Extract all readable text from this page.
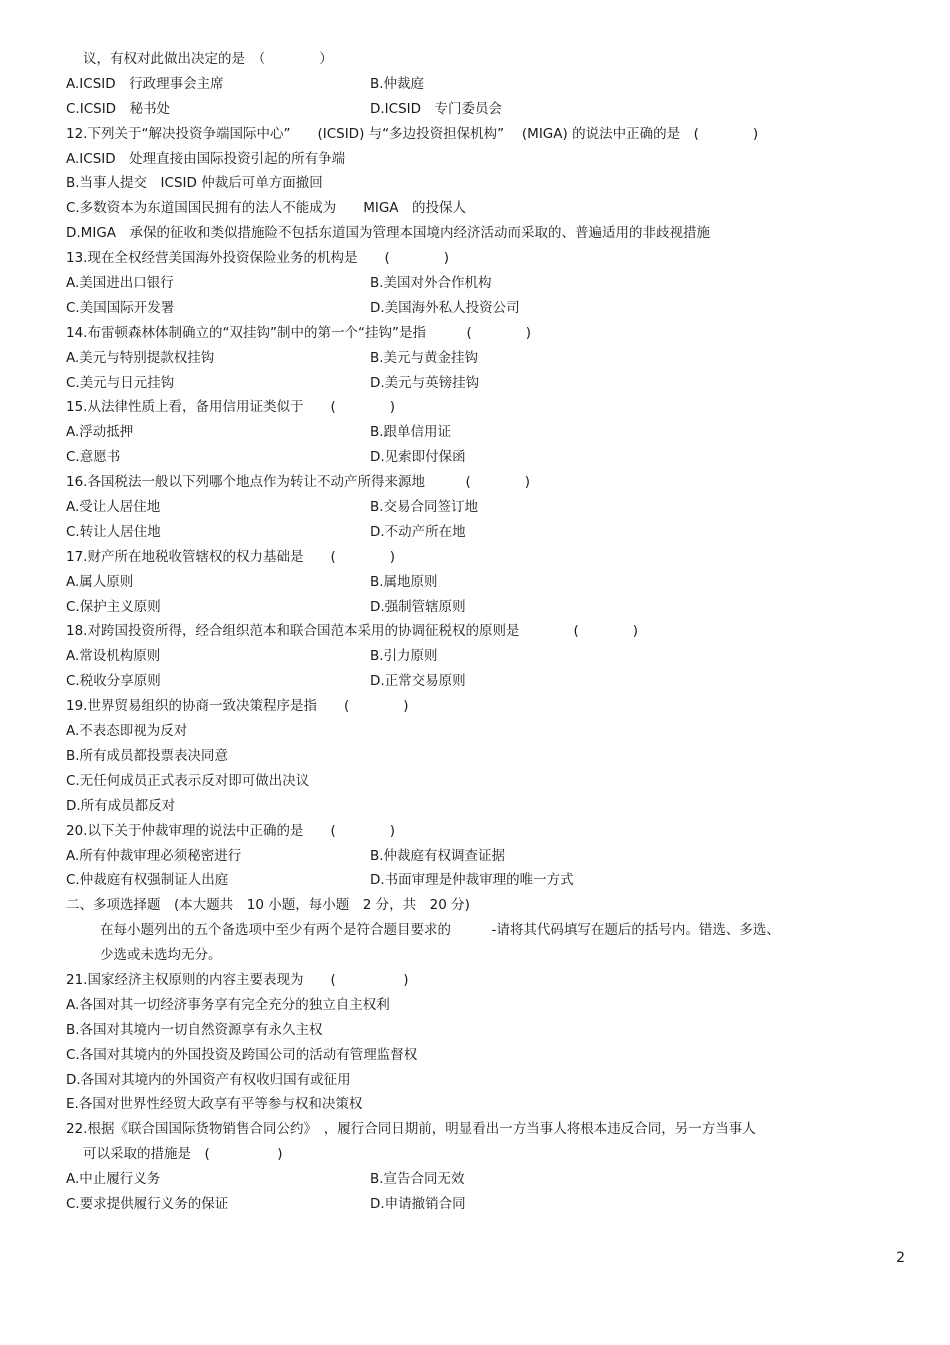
议，有权对此做出决定的是　（　　　　）
A.ICSID　行政理事会主席	B.仲裁庭
C.ICSID　秘书处	D.ICSID　专门委员会
12.下列关于“解决投资争端国际中心”　　(ICSID) 与“多边投资担保机构”　 (MIGA) 的说法中正确的是　(　　　　)
A.ICSID　处理直接由国际投资引起的所有争端
B.当事人提交　ICSID 仲裁后可单方面撤回
C.多数资本为东道国国民拥有的法人不能成为　　MIGA　的投保人
D.MIGA　承保的征收和类似措施险不包括东道国为管理本国境内经济活动而采取的、普遍适用的非歧视措施
13.现在全权经营美国海外投资保险业务的机构是　　(　　　　)
A.美国进出口银行	B.美国对外合作机构
C.美国国际开发署	D.美国海外私人投资公司
14.布雷顿森林体制确立的“双挂钩”制中的第一个“挂钩”是指　　　(　　　　)
A.美元与特别提款权挂钩	B.美元与黄金挂钩
C.美元与日元挂钩	D.美元与英镑挂钩
15.从法律性质上看，备用信用证类似于　　(　　　　)
A.浮动抵押	B.跟单信用证
C.意愿书	D.见索即付保函
16.各国税法一般以下列哪个地点作为转让不动产所得来源地　　　(　　　　)
A.受让人居住地	B.交易合同签订地
C.转让人居住地	D.不动产所在地
17.财产所在地税收管辖权的权力基础是　　(　　　　)
A.属人原则	B.属地原则
C.保护主义原则	D.强制管辖原则
18.对跨国投资所得，经合组织范本和联合国范本采用的协调征税权的原则是　　　　(　　　　)
A.常设机构原则	B.引力原则
C.税收分享原则	D.正常交易原则
19.世界贸易组织的协商一致决策程序是指　　(　　　　)
A.不表态即视为反对
B.所有成员都投票表决同意
C.无任何成员正式表示反对即可做出决议
D.所有成员都反对
20.以下关于仲裁审理的说法中正确的是　　(　　　　)
A.所有仲裁审理必须秘密进行	B.仲裁庭有权调查证据
C.仲裁庭有权强制证人出庭	D.书面审理是仲裁审理的唯一方式
二、多项选择题　(本大题共　10 小题，每小题　2 分，共　20 分)
在每小题列出的五个备选项中至少有两个是符合题目要求的　　　-请将其代码填写在题后的括号内。错选、多选、
少选或未选均无分。
21.国家经济主权原则的内容主要表现为　　(　　　　　)
A.各国对其一切经济事务享有完全充分的独立自主权利
B.各国对其境内一切自然资源享有永久主权
C.各国对其境内的外国投资及跨国公司的活动有管理监督权
D.各国对其境内的外国资产有权收归国有或征用
E.各国对世界性经贸大政享有平等参与权和决策权
22.根据《联合国国际货物销售合同公约》　，履行合同日期前，明显看出一方当事人将根本违反合同，另一方当事人
可以采取的措施是　(　　　　　)
A.中止履行义务	B.宣告合同无效
C.要求提供履行义务的保证	D.申请撤销合同
2
